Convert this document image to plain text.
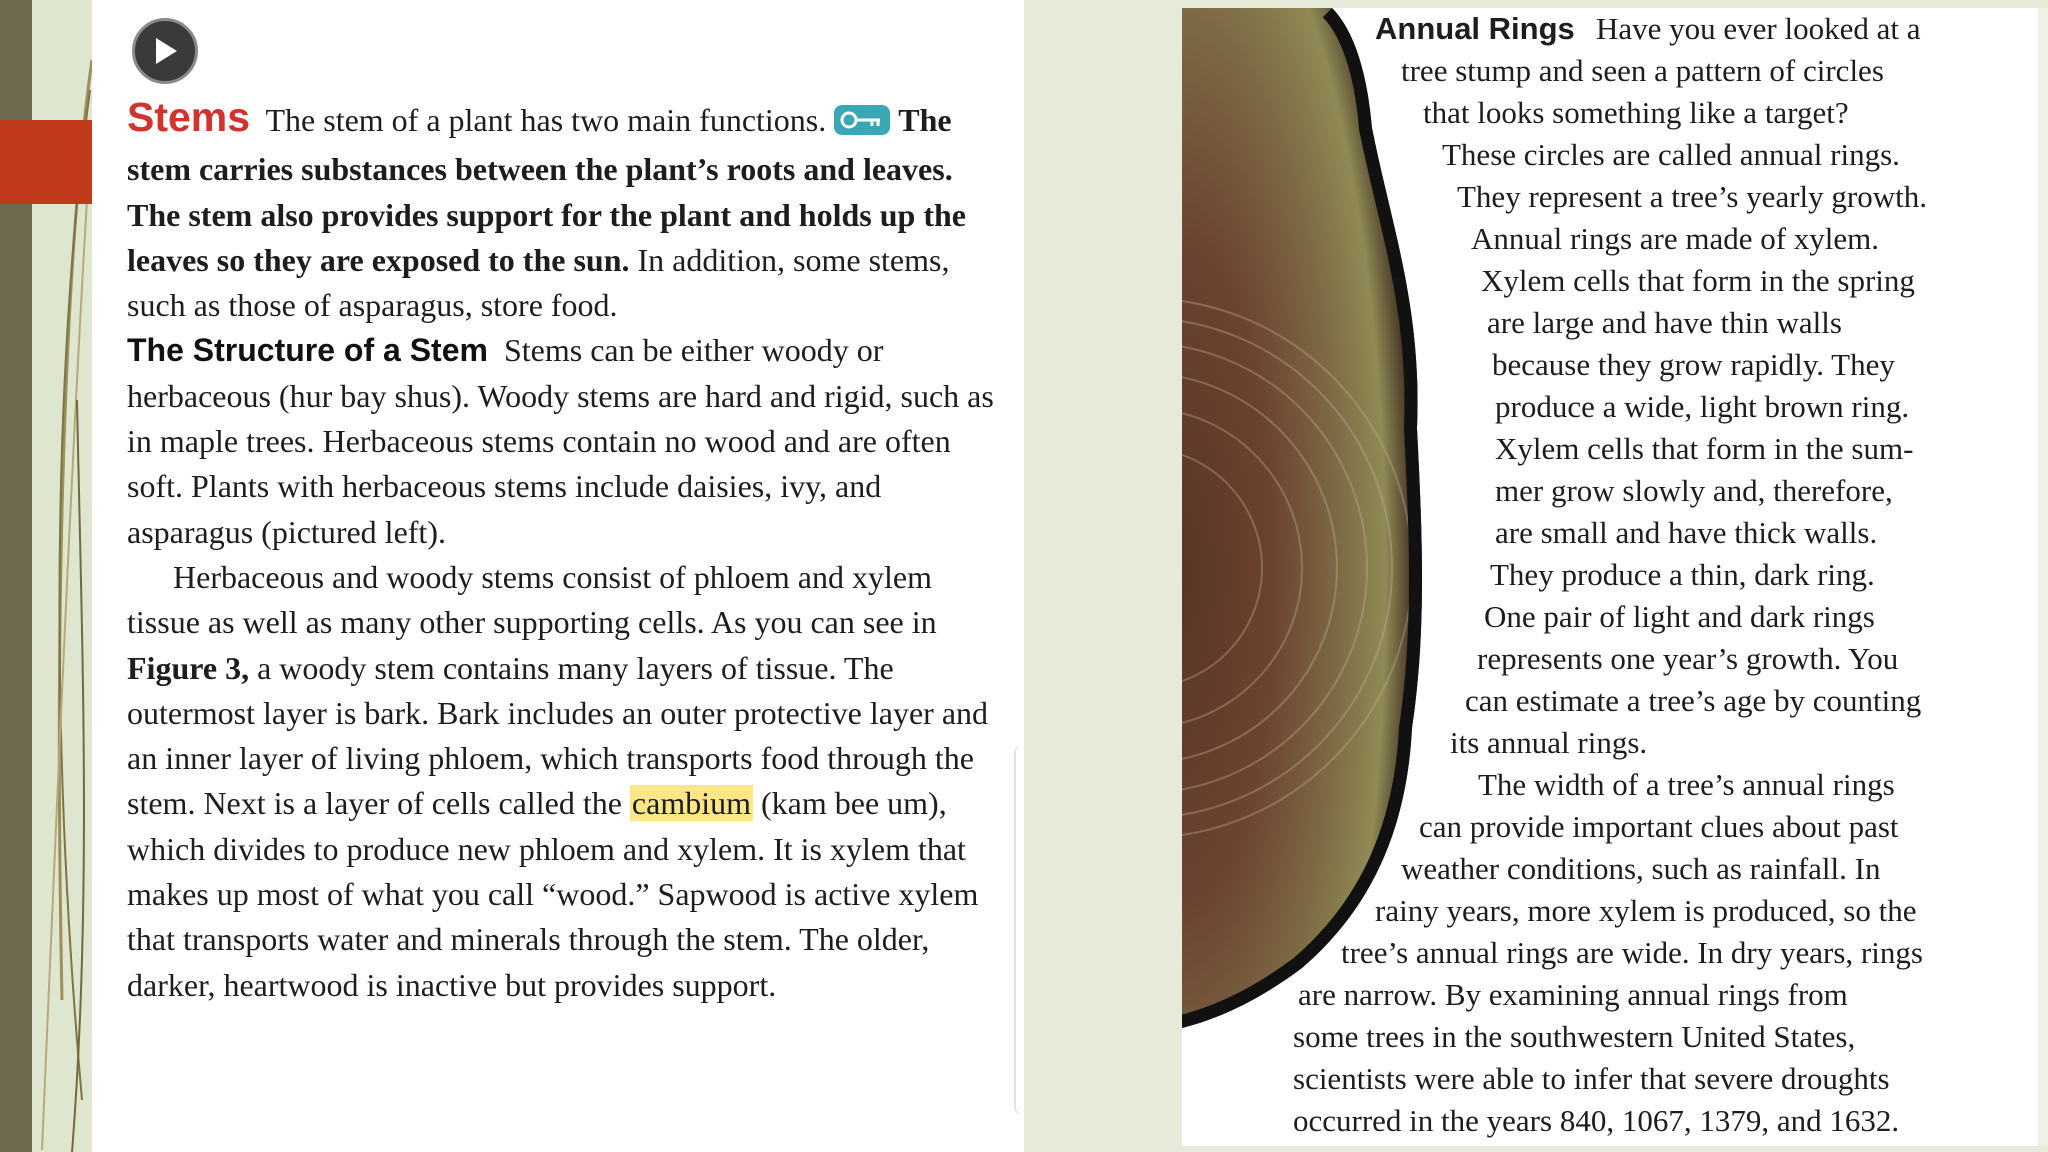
Stems The stem of a plant has two main functions. The stem carries substances between the plant’s roots and leaves. The stem also provides support for the plant and holds up the leaves so they are exposed to the sun. In addition, some stems, such as those of asparagus, store food.

The Structure of a Stem Stems can be either woody or herbaceous (hur bay shus). Woody stems are hard and rigid, such as in maple trees. Herbaceous stems contain no wood and are often soft. Plants with herbaceous stems include daisies, ivy, and asparagus (pictured left).

Herbaceous and woody stems consist of phloem and xylem tissue as well as many other supporting cells. As you can see in Figure 3, a woody stem contains many layers of tissue. The outermost layer is bark. Bark includes an outer protective layer and an inner layer of living phloem, which transports food through the stem. Next is a layer of cells called the cambium (kam bee um), which divides to produce new phloem and xylem. It is xylem that makes up most of what you call “wood.” Sapwood is active xylem that transports water and minerals through the stem. The older, darker, heartwood is inactive but provides support.

Annual Rings Have you ever looked at a
tree stump and seen a pattern of circles
that looks something like a target?
These circles are called annual rings.
They represent a tree’s yearly growth.
Annual rings are made of xylem.
Xylem cells that form in the spring
are large and have thin walls
because they grow rapidly. They
produce a wide, light brown ring.
Xylem cells that form in the sum-
mer grow slowly and, therefore,
are small and have thick walls.
They produce a thin, dark ring.
One pair of light and dark rings
represents one year’s growth. You
can estimate a tree’s age by counting
its annual rings.
The width of a tree’s annual rings
can provide important clues about past
weather conditions, such as rainfall. In
rainy years, more xylem is produced, so the
tree’s annual rings are wide. In dry years, rings
are narrow. By examining annual rings from
some trees in the southwestern United States,
scientists were able to infer that severe droughts
occurred in the years 840, 1067, 1379, and 1632.
